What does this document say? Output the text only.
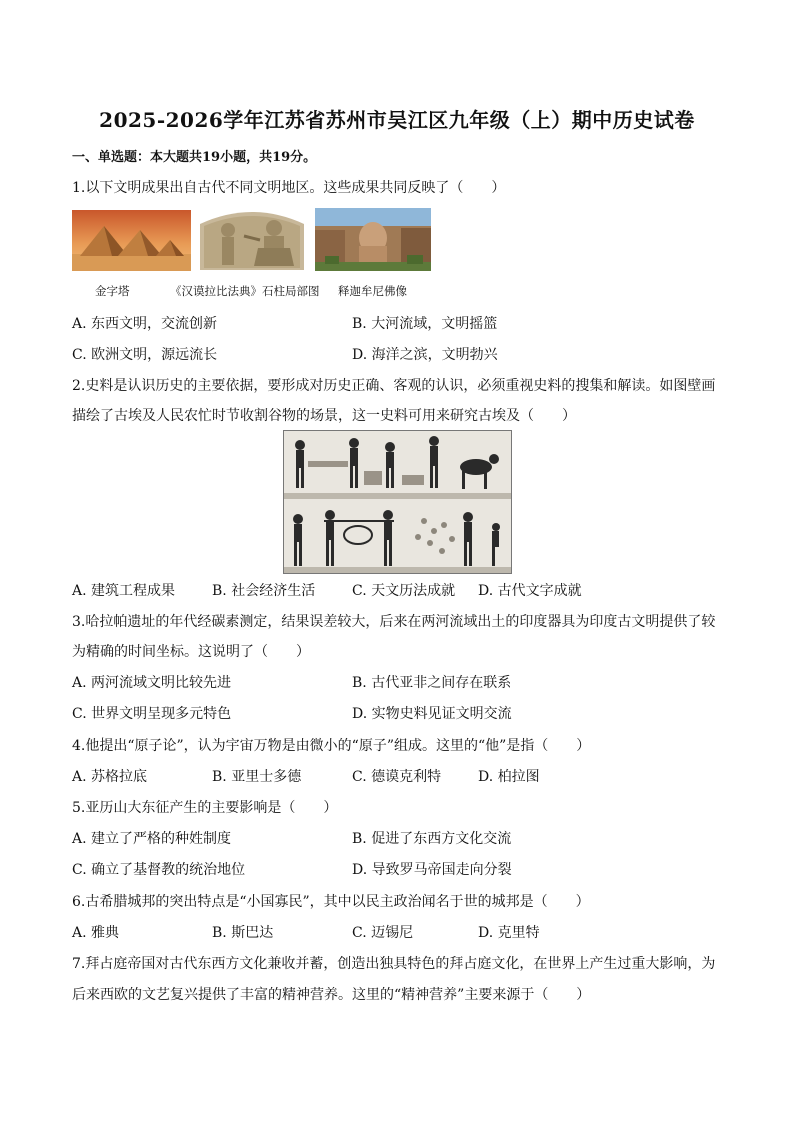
2025-2026学年江苏省苏州市吴江区九年级（上）期中历史试卷
一、单选题：本大题共19小题，共19分。
1.以下文明成果出自古代不同文明地区。这些成果共同反映了（　　）
金字塔	《汉谟拉比法典》石柱局部图 释迦牟尼佛像
A. 东西文明，交流创新	B. 大河流域，文明摇篮
C. 欧洲文明，源远流长	D. 海洋之滨，文明勃兴
2.史料是认识历史的主要依据，要形成对历史正确、客观的认识，必须重视史料的搜集和解读。如图壁画
描绘了古埃及人民农忙时节收割谷物的场景，这一史料可用来研究古埃及（　　）
A. 建筑工程成果	B. 社会经济生活	C. 天文历法成就 D. 古代文字成就
3.哈拉帕遗址的年代经碳素测定，结果误差较大，后来在两河流域出土的印度器具为印度古文明提供了较
为精确的时间坐标。这说明了（　　）
A. 两河流域文明比较先进	B. 古代亚非之间存在联系
C. 世界文明呈现多元特色	D. 实物史料见证文明交流
4.他提出“原子论”，认为宇宙万物是由微小的“原子”组成。这里的“他”是指（　　）
A. 苏格拉底	B. 亚里士多德	C. 德谟克利特	D. 柏拉图
5.亚历山大东征产生的主要影响是（　　）
A. 建立了严格的种姓制度	B. 促进了东西方文化交流
C. 确立了基督教的统治地位	D. 导致罗马帝国走向分裂
6.古希腊城邦的突出特点是“小国寡民”，其中以民主政治闻名于世的城邦是（　　）
A. 雅典	B. 斯巴达	C. 迈锡尼	D. 克里特
7.拜占庭帝国对古代东西方文化兼收并蓄，创造出独具特色的拜占庭文化，在世界上产生过重大影响，为
后来西欧的文艺复兴提供了丰富的精神营养。这里的“精神营养”主要来源于（　　）
